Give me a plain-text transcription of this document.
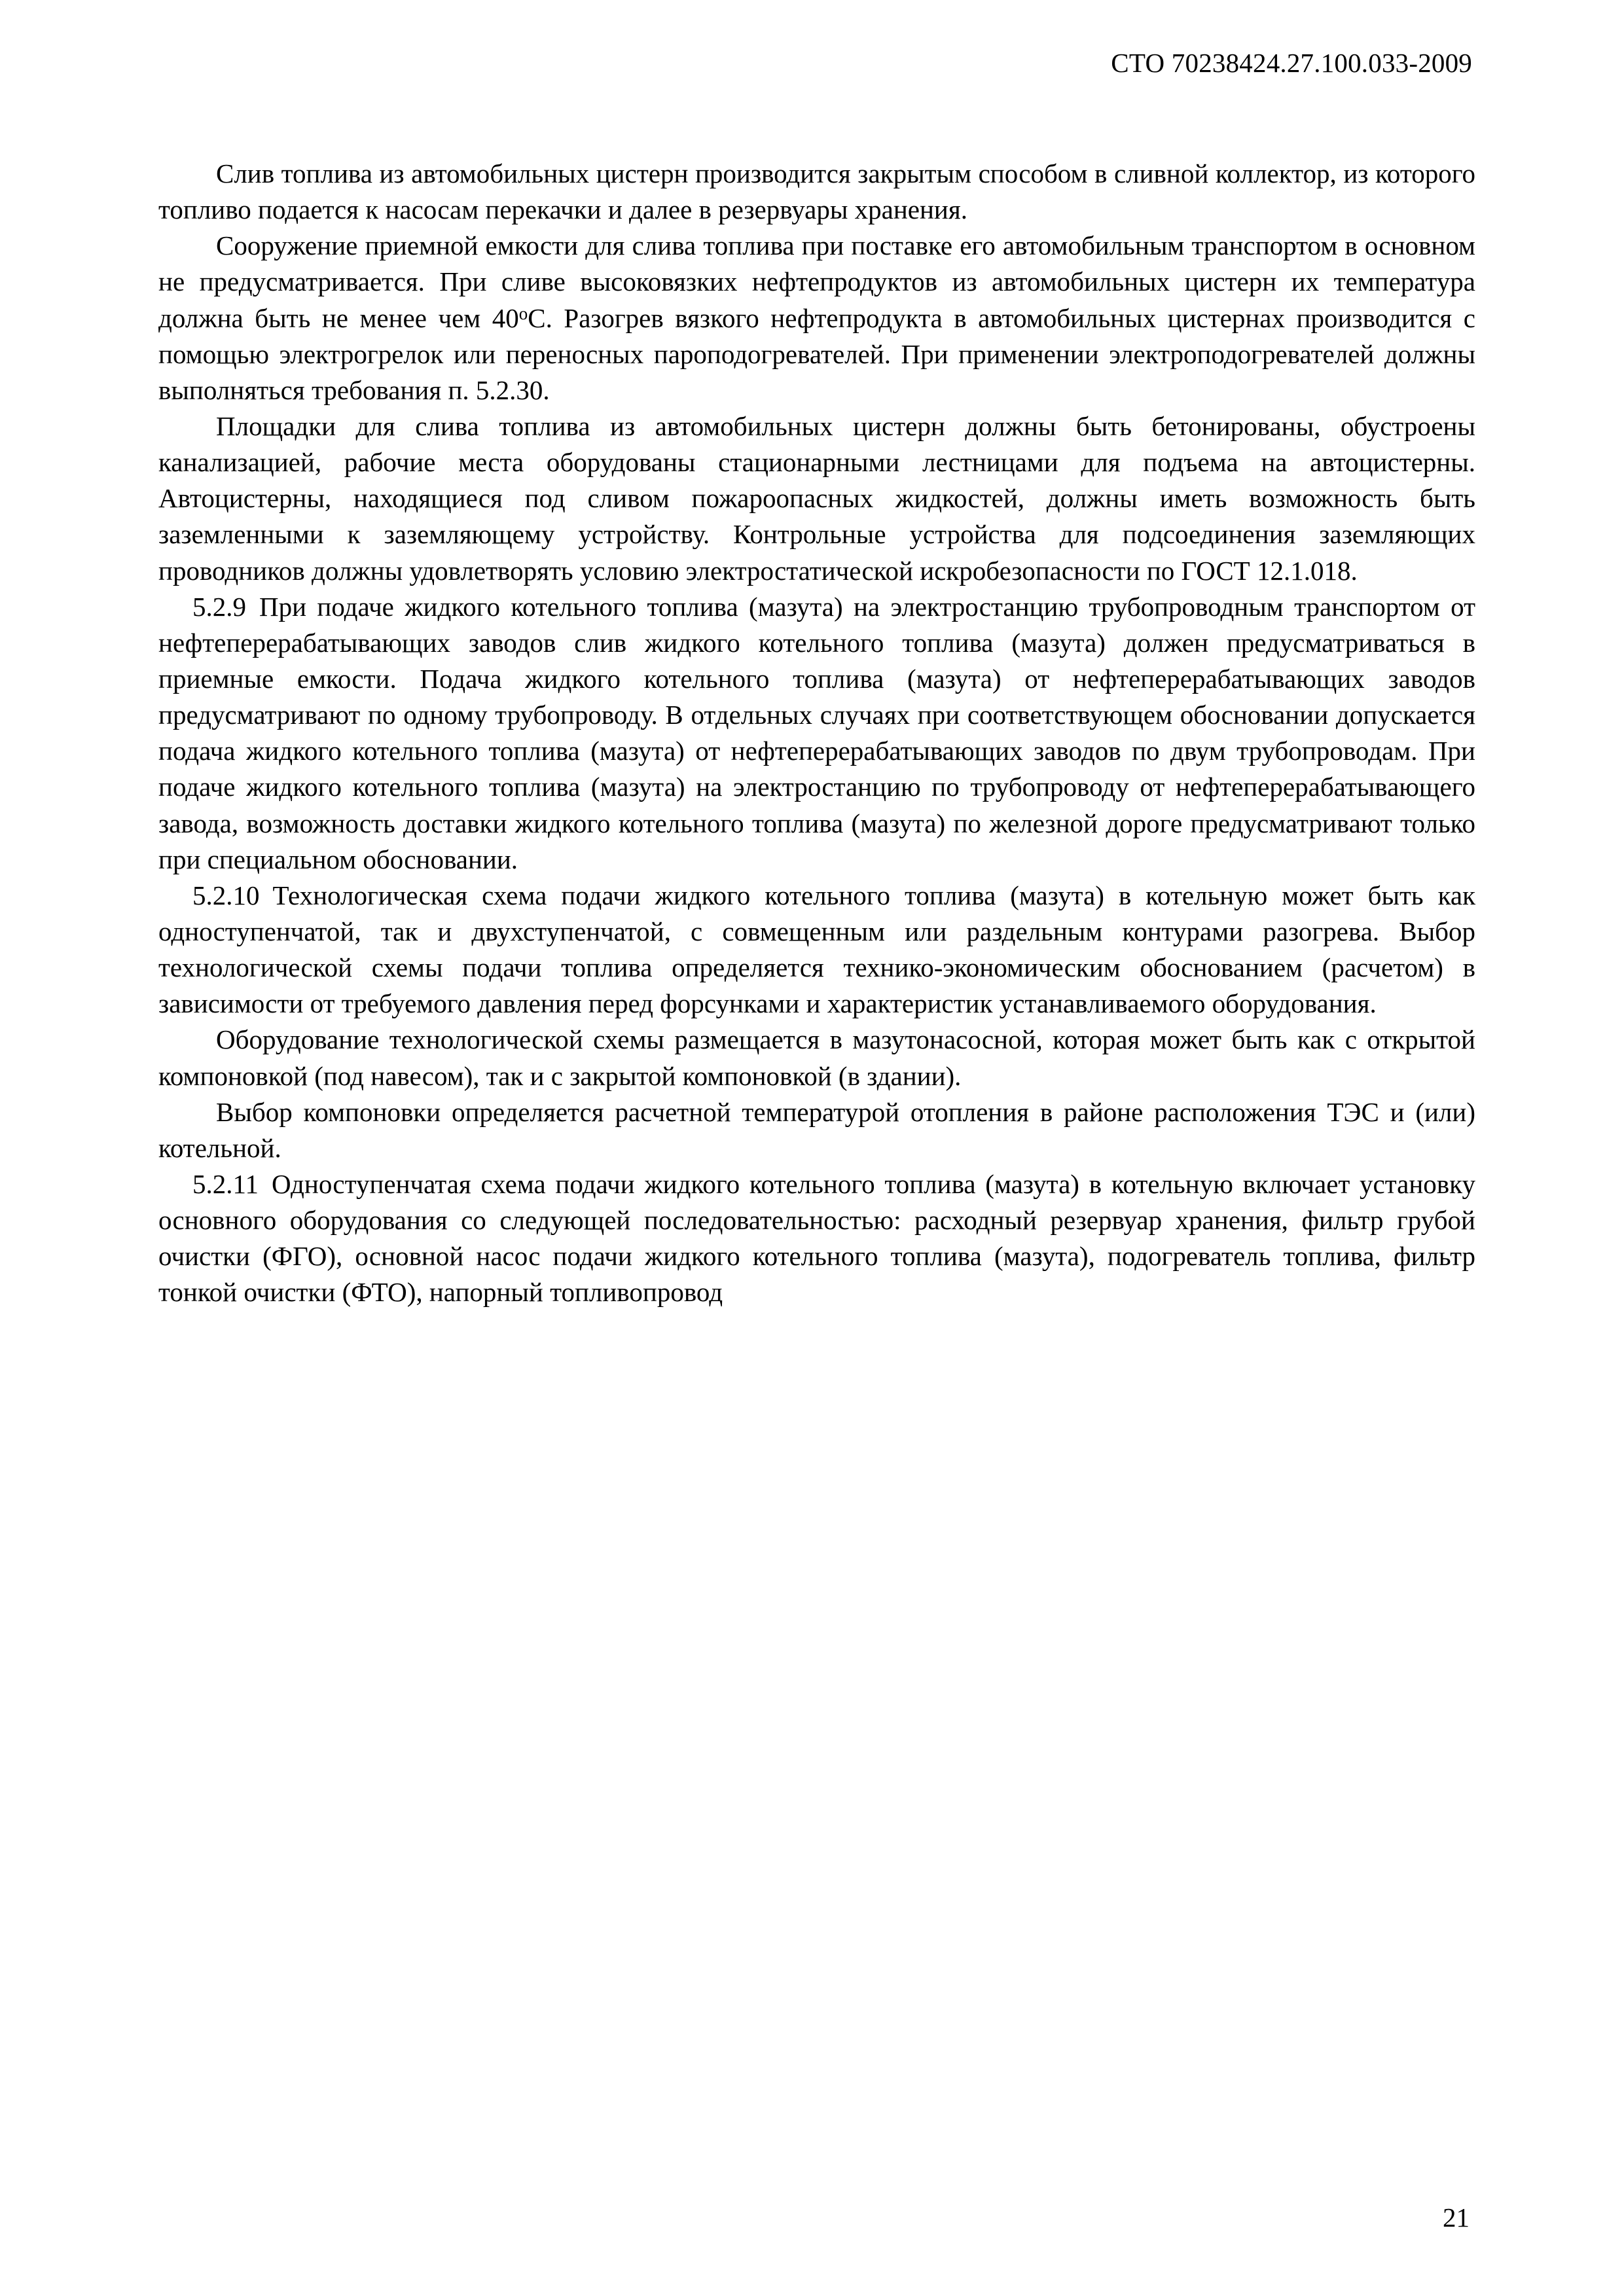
СТО 70238424.27.100.033-2009

Слив топлива из автомобильных цистерн производится закрытым способом в сливной коллектор, из которого топливо подается к насосам перекачки и далее в резервуары хранения.

Сооружение приемной емкости для слива топлива при поставке его автомобильным транспортом в основном не предусматривается. При сливе высоковязких нефтепродуктов из автомобильных цистерн их температура должна быть не менее чем $40^оС$. Разогрев вязкого нефтепродукта в автомобильных цистернах производится с помощью электрогрелок или переносных пароподогревателей. При применении электроподогревателей должны выполняться требования п. 5.2.30.

Площадки для слива топлива из автомобильных цистерн должны быть бетонированы, обустроены канализацией, рабочие места оборудованы стационарными лестницами для подъема на автоцистерны. Автоцистерны, находящиеся под сливом пожароопасных жидкостей, должны иметь возможность быть заземленными к заземляющему устройству. Контрольные устройства для подсоединения заземляющих проводников должны удовлетворять условию электростатической искробезопасности по ГОСТ 12.1.018.

5.2.9 При подаче жидкого котельного топлива (мазута) на электростанцию трубопроводным транспортом от нефтеперерабатывающих заводов слив жидкого котельного топлива (мазута) должен предусматриваться в приемные емкости. Подача жидкого котельного топлива (мазута) от нефтеперерабатывающих заводов предусматривают по одному трубопроводу. В отдельных случаях при соответствующем обосновании допускается подача жидкого котельного топлива (мазута) от нефтеперерабатывающих заводов по двум трубопроводам. При подаче жидкого котельного топлива (мазута) на электростанцию по трубопроводу от нефтеперерабатывающего завода, возможность доставки жидкого котельного топлива (мазута) по железной дороге предусматривают только при специальном обосновании.

5.2.10 Технологическая схема подачи жидкого котельного топлива (мазута) в котельную может быть как одноступенчатой, так и двухступенчатой, с совмещенным или раздельным контурами разогрева. Выбор технологической схемы подачи топлива определяется технико-экономическим обоснованием (расчетом) в зависимости от требуемого давления перед форсунками и характеристик устанавливаемого оборудования.

Оборудование технологической схемы размещается в мазутонасосной, которая может быть как с открытой компоновкой (под навесом), так и с закрытой компоновкой (в здании).

Выбор компоновки определяется расчетной температурой отопления в районе расположения ТЭС и (или) котельной.

5.2.11 Одноступенчатая схема подачи жидкого котельного топлива (мазута) в котельную включает установку основного оборудования со следующей последовательностью: расходный резервуар хранения, фильтр грубой очистки (ФГО), основной насос подачи жидкого котельного топлива (мазута), подогреватель топлива, фильтр тонкой очистки (ФТО), напорный топливопровод

21
